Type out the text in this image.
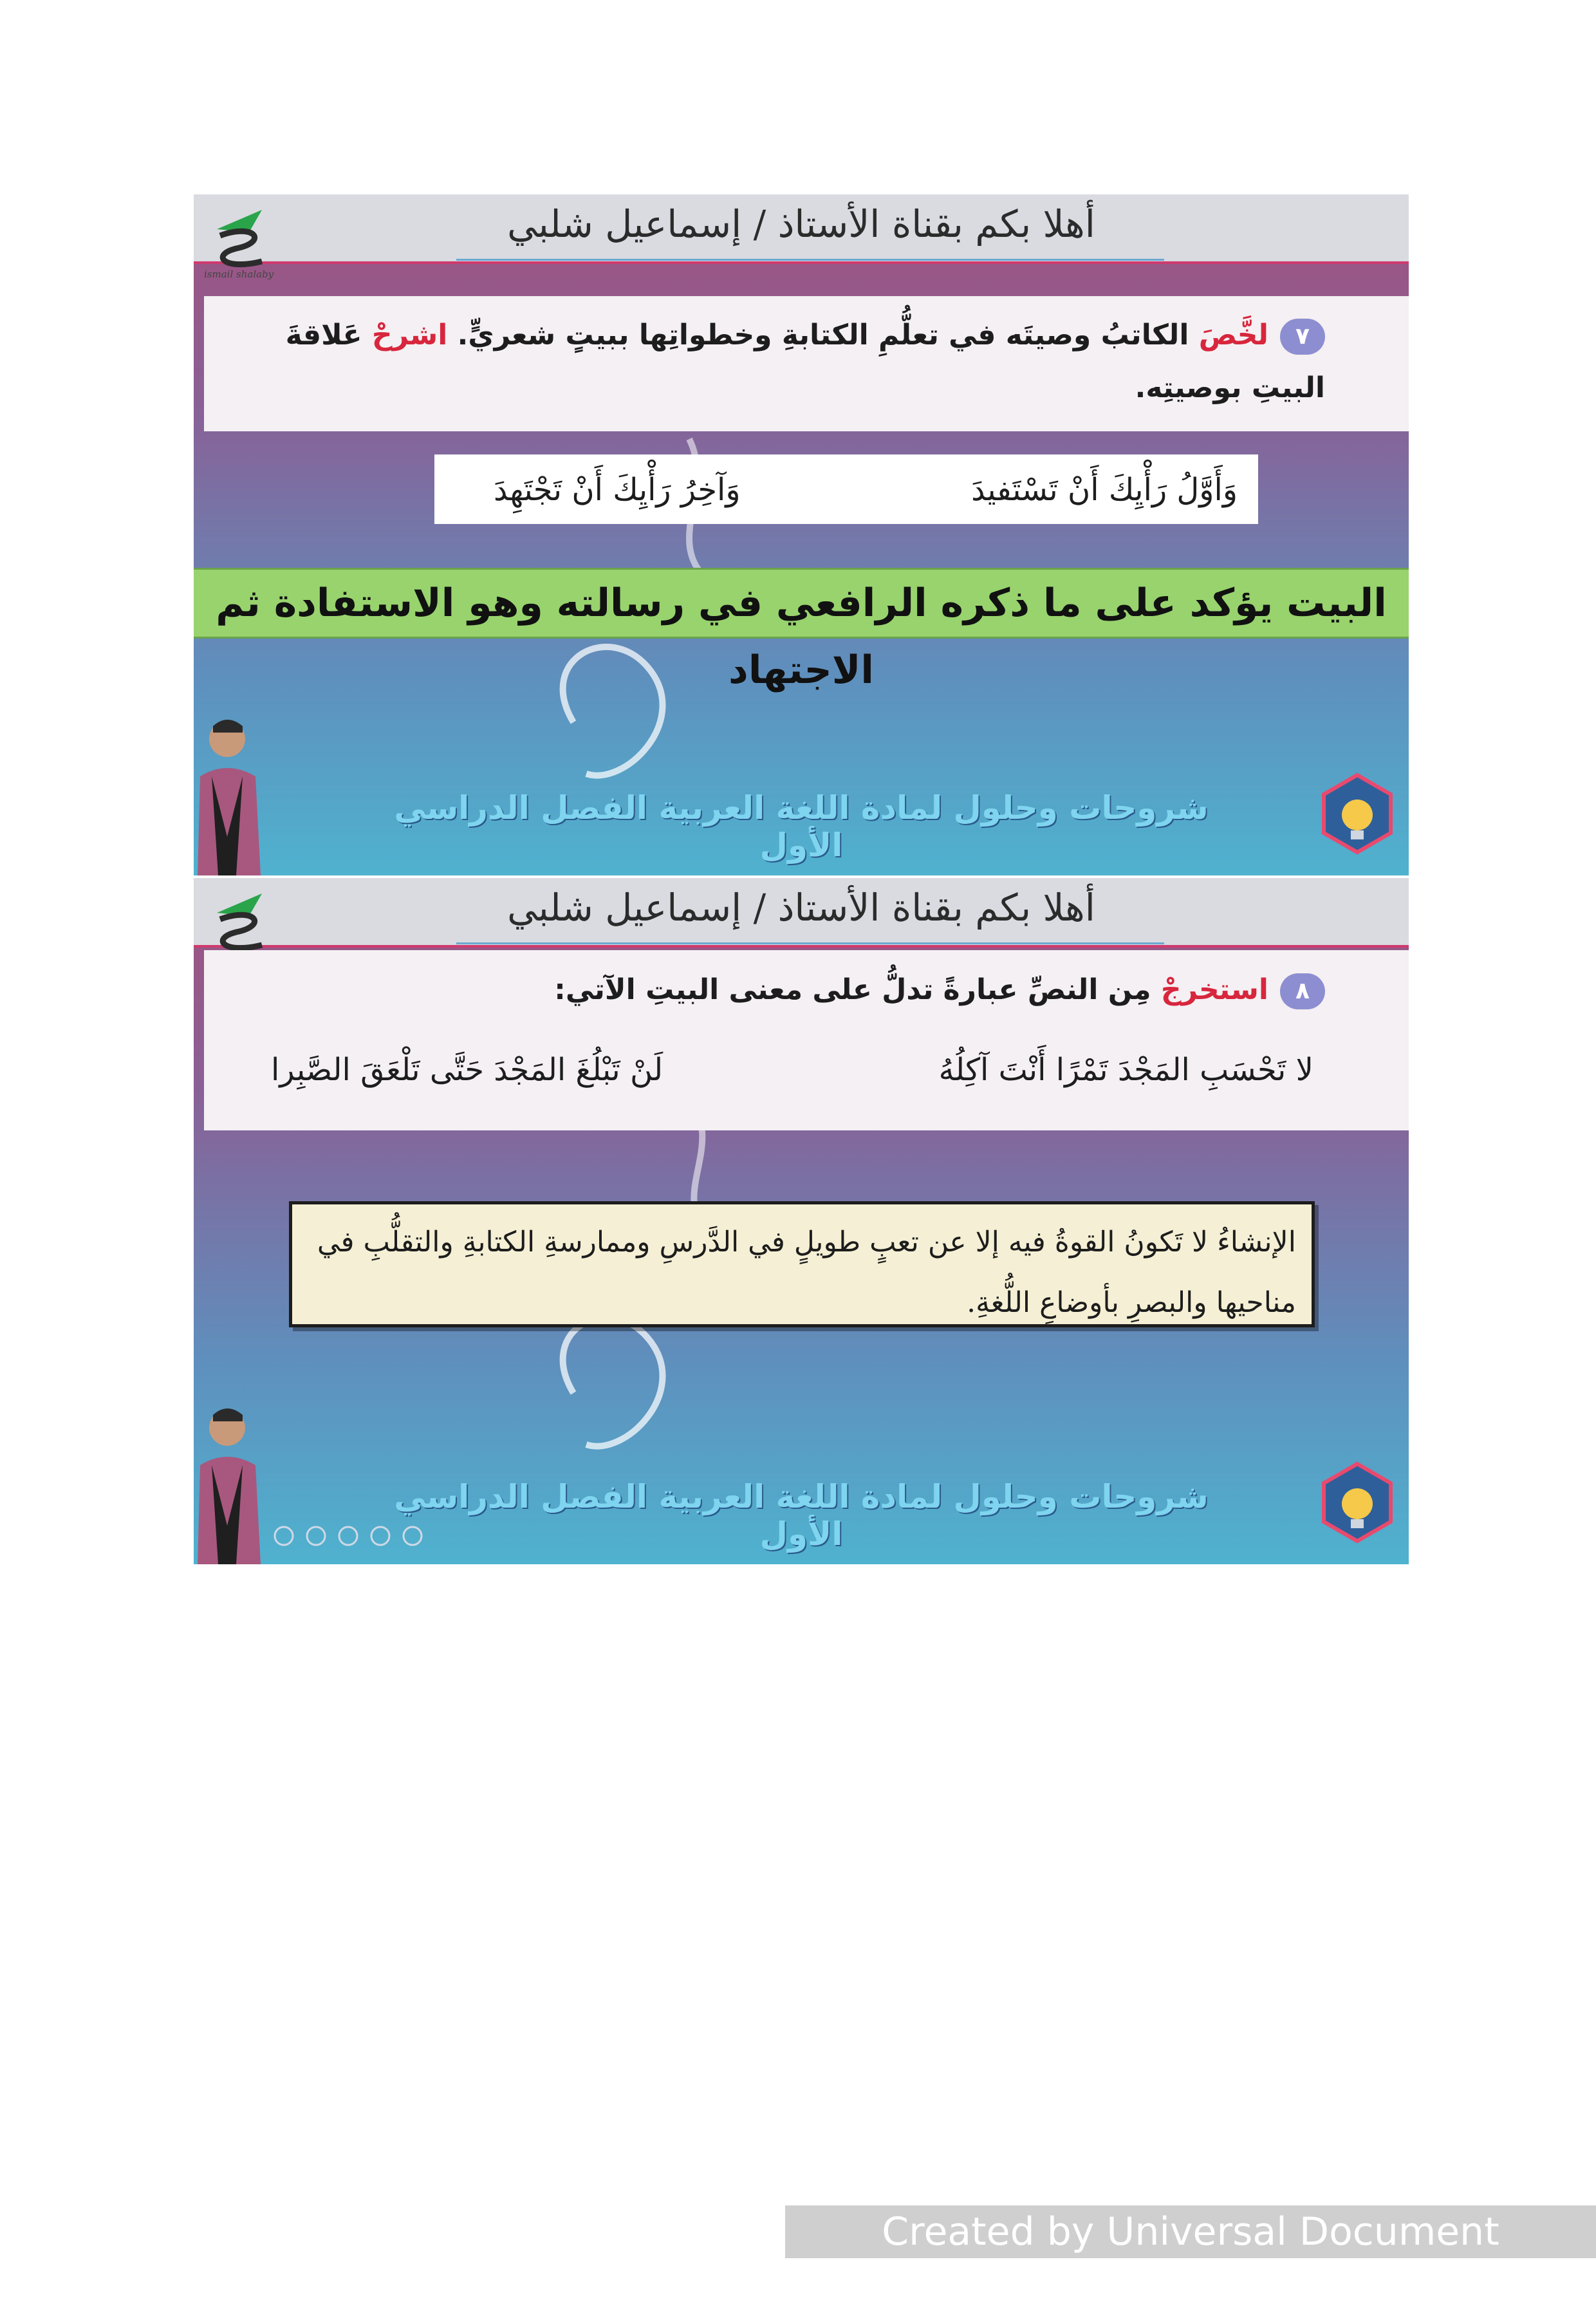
أهلا بكم بقناة الأستاذ / إسماعيل شلبي
ismail shalaby
٧لخَّصَ الكاتبُ وصيتَه في تعلُّمِ الكتابةِ وخطواتِها ببيتٍ شعريٍّ. اشرحْ عَلاقةَ البيتِ بوصيتِه.
وَأَوَّلُ رَأْيِكَ أَنْ تَسْتَفيدَ
وَآخِرُ رَأْيِكَ أَنْ تَجْتَهِدَ
البيت يؤكد على ما ذكره الرافعي في رسالته وهو الاستفادة ثم الاجتهاد
شروحات وحلول لمادة اللغة العربية الفصل الدراسي الأول
أهلا بكم بقناة الأستاذ / إسماعيل شلبي
٨استخرجْ مِن النصِّ عبارةً تدلُّ على معنى البيتِ الآتي:
لا تَحْسَبِ المَجْدَ تَمْرًا أَنْتَ آكِلُهُ
لَنْ تَبْلُغَ المَجْدَ حَتَّى تَلْعَقَ الصَّبِرا
الإنشاءُ لا تَكونُ القوةُ فيه إلا عن تعبٍ طويلٍ في الدَّرسِ وممارسةِ الكتابةِ والتقلُّبِ في مناحيها والبصرِ بأوضاعِ اللُّغةِ.
شروحات وحلول لمادة اللغة العربية الفصل الدراسي الأول
Created by Universal Document Converter
